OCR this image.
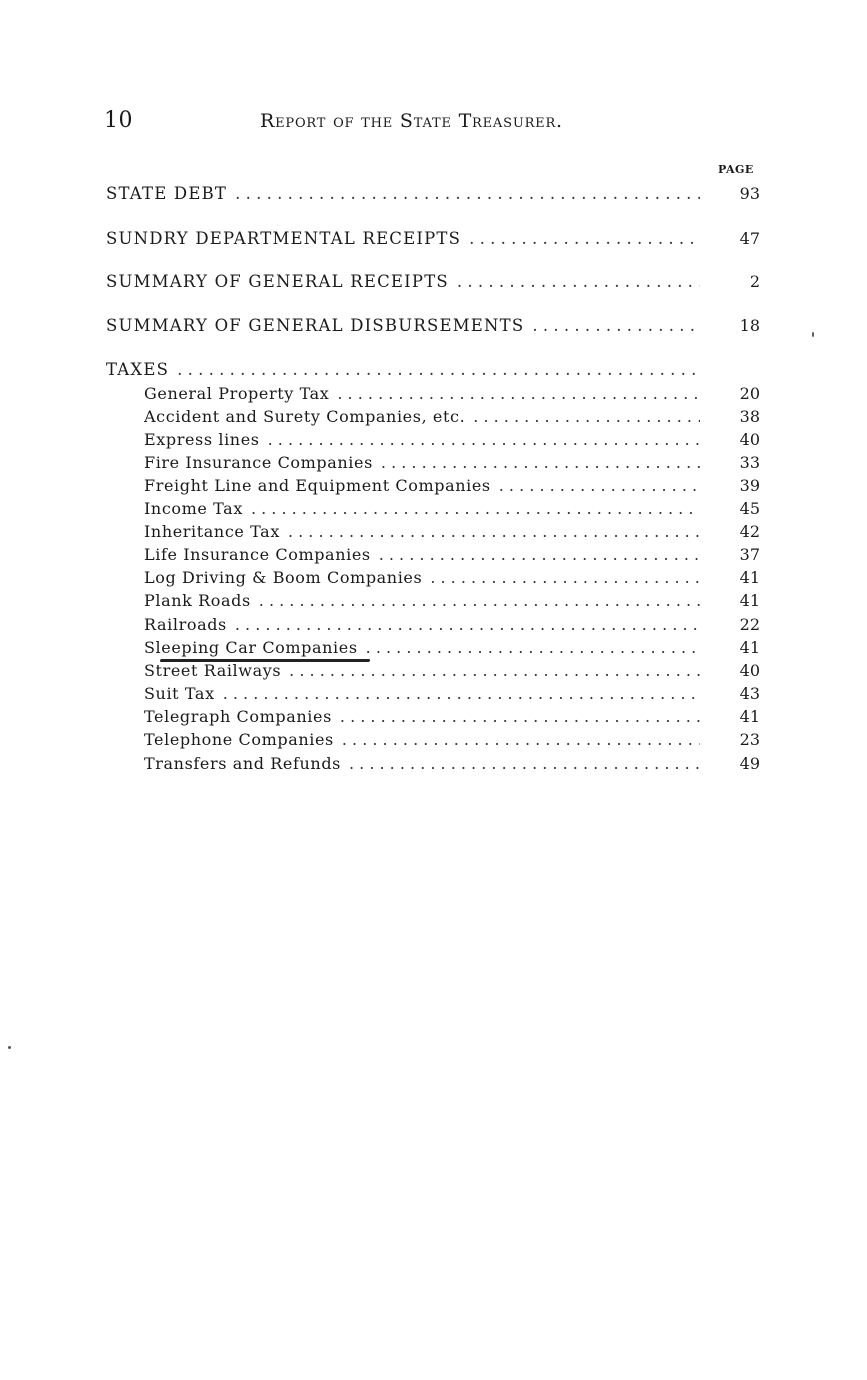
10	Report of the State Treasurer.
PAGE
STATE DEBT . . .	93
SUNDRY DEPARTMENTAL RECEIPTS . . .	47
SUMMARY OF GENERAL RECEIPTS . . .	2
SUMMARY OF GENERAL DISBURSEMENTS . . .	18
TAXES
. . .
General Property Tax . . .	20
Accident and Surety Companies, etc. . . .	38
Express lines . . .	40
Fire Insurance Companies . . .	33
Freight Line and Equipment Companies . . .	39
Income Tax . . .	45
Inheritance Tax . . .	42
Life Insurance Companies . . .	37
Log Driving & Boom Companies . . .	41
Plank Roads . . .	41
Railroads . . .	22
Sleeping Car Companies . . .	41
Street Railways . . .	40
Suit Tax . . .	43
Telegraph Companies . . .	41
Telephone Companies . . .	23
Transfers and Refunds . . .	49
